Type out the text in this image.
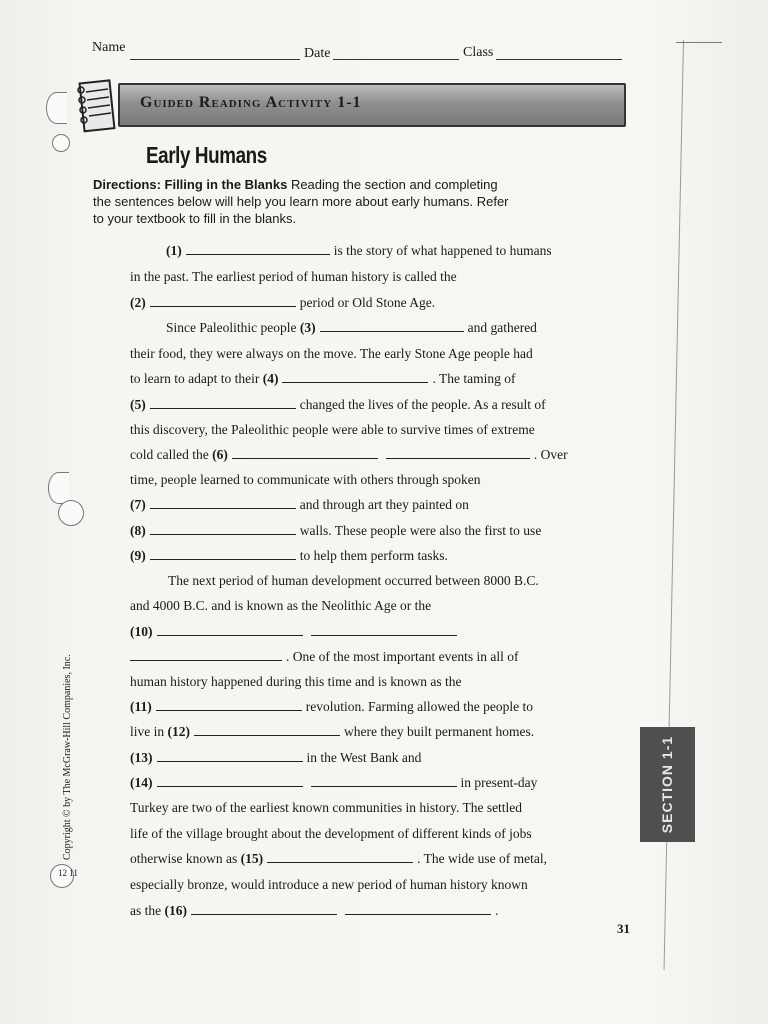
Name	Date	Class
Guided Reading Activity 1-1
Early Humans
Directions: Filling in the Blanks Reading the section and completing the sentences below will help you learn more about early humans. Refer to your textbook to fill in the blanks.
(1)	is the story of what happened to humans
in the past. The earliest period of human history is called the
(2)	period or Old Stone Age.
Since Paleolithic people (3)	and gathered
their food, they were always on the move. The early Stone Age people had
to learn to adapt to their (4)	. The taming of
(5)	changed the lives of the people. As a result of
this discovery, the Paleolithic people were able to survive times of extreme
cold called the (6)	. Over
time, people learned to communicate with others through spoken
(7)	and through art they painted on
(8)	walls. These people were also the first to use
(9)	to help them perform tasks.
The next period of human development occurred between 8000 B.C.
and 4000 B.C. and is known as the Neolithic Age or the
(10)
. One of the most important events in all of
human history happened during this time and is known as the
(11)	revolution. Farming allowed the people to
live in (12)	where they built permanent homes.
(13)	in the West Bank and
(14)	in present-day
Turkey are two of the earliest known communities in history. The settled
life of the village brought about the development of different kinds of jobs
otherwise known as (15)	. The wide use of metal,
especially bronze, would introduce a new period of human history known
as the (16)	.
31
SECTION 1-1
Copyright © by The McGraw-Hill Companies, Inc.
12 11
